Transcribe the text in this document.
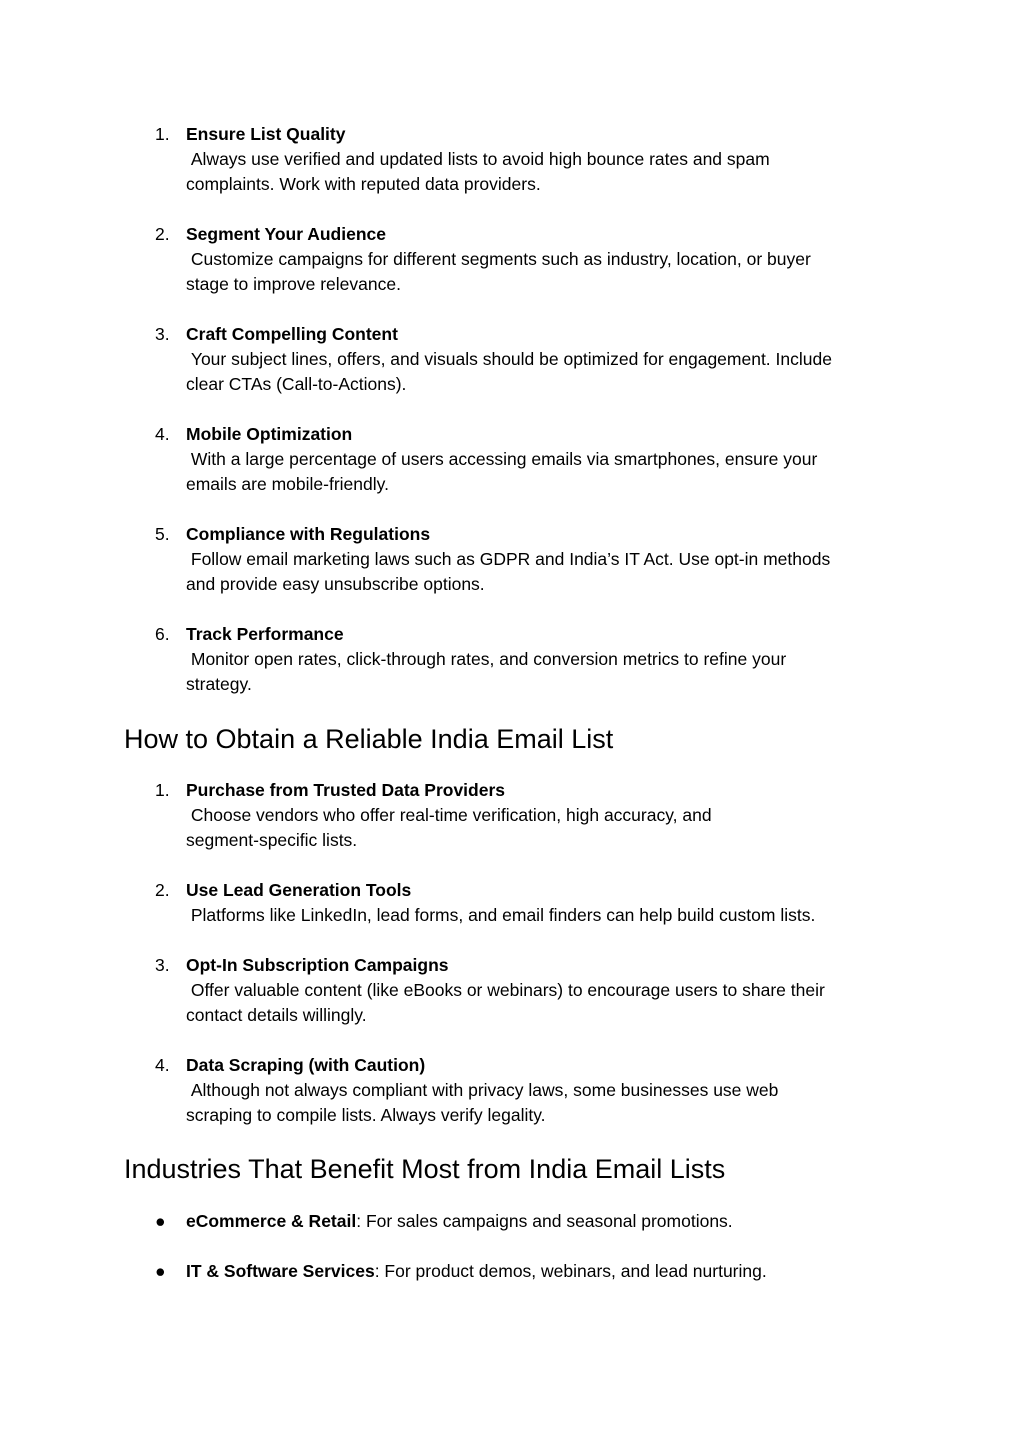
1. Ensure List Quality
Always use verified and updated lists to avoid high bounce rates and spam
complaints. Work with reputed data providers.
2. Segment Your Audience
Customize campaigns for different segments such as industry, location, or buyer
stage to improve relevance.
3. Craft Compelling Content
Your subject lines, offers, and visuals should be optimized for engagement. Include
clear CTAs (Call-to-Actions).
4. Mobile Optimization
With a large percentage of users accessing emails via smartphones, ensure your
emails are mobile-friendly.
5. Compliance with Regulations
Follow email marketing laws such as GDPR and India’s IT Act. Use opt-in methods
and provide easy unsubscribe options.
6. Track Performance
Monitor open rates, click-through rates, and conversion metrics to refine your
strategy.
How to Obtain a Reliable India Email List
1. Purchase from Trusted Data Providers
Choose vendors who offer real-time verification, high accuracy, and
segment-specific lists.
2. Use Lead Generation Tools
Platforms like LinkedIn, lead forms, and email finders can help build custom lists.
3. Opt-In Subscription Campaigns
Offer valuable content (like eBooks or webinars) to encourage users to share their
contact details willingly.
4. Data Scraping (with Caution)
Although not always compliant with privacy laws, some businesses use web
scraping to compile lists. Always verify legality.
Industries That Benefit Most from India Email Lists
● eCommerce & Retail: For sales campaigns and seasonal promotions.
● IT & Software Services: For product demos, webinars, and lead nurturing.
